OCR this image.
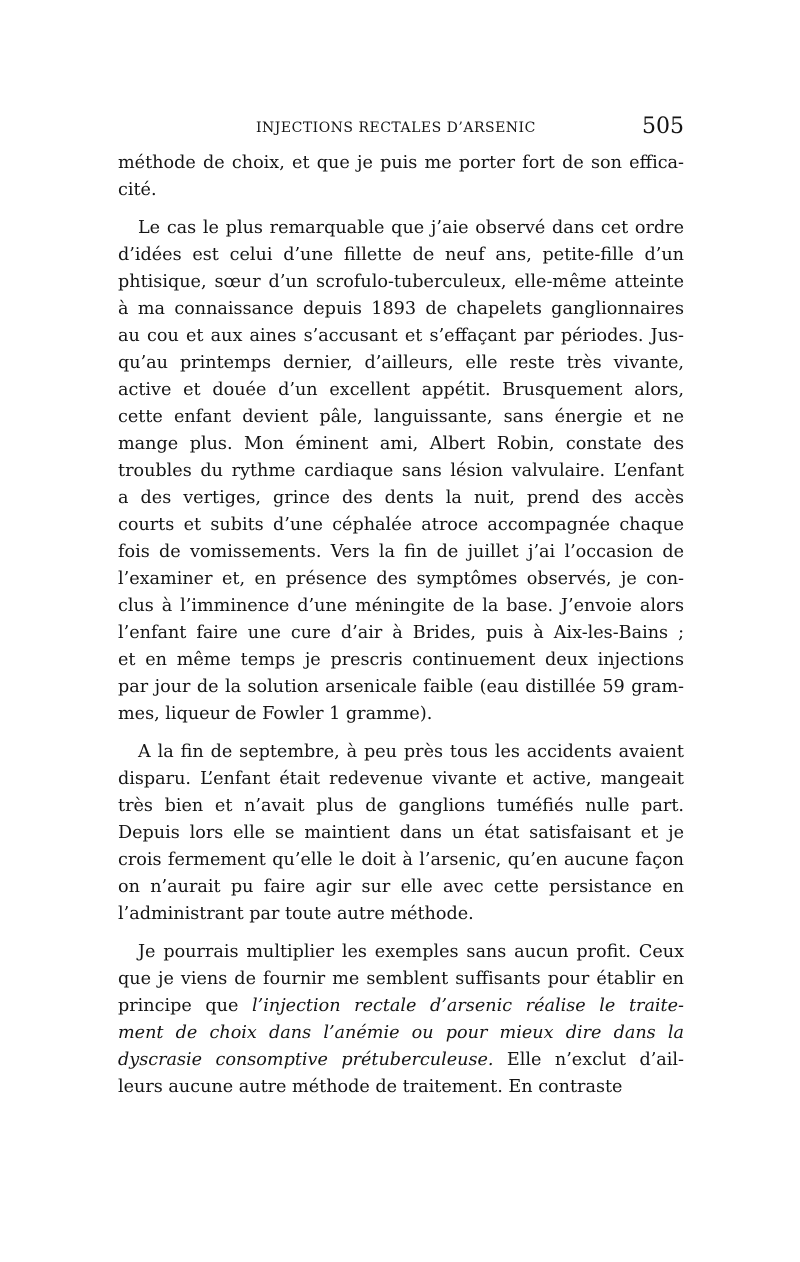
INJECTIONS RECTALES D’ARSENIC	505
méthode de choix, et que je puis me porter fort de son effica-
cité.
Le cas le plus remarquable que j’aie observé dans cet ordre
d’idées est celui d’une fillette de neuf ans, petite-fille d’un
phtisique, sœur d’un scrofulo-tuberculeux, elle-même atteinte
à ma connaissance depuis 1893 de chapelets ganglionnaires
au cou et aux aines s’accusant et s’effaçant par périodes. Jus-
qu’au printemps dernier, d’ailleurs, elle reste très vivante,
active et douée d’un excellent appétit. Brusquement alors,
cette enfant devient pâle, languissante, sans énergie et ne
mange plus. Mon éminent ami, Albert Robin, constate des
troubles du rythme cardiaque sans lésion valvulaire. L’enfant
a des vertiges, grince des dents la nuit, prend des accès
courts et subits d’une céphalée atroce accompagnée chaque
fois de vomissements. Vers la fin de juillet j’ai l’occasion de
l’examiner et, en présence des symptômes observés, je con-
clus à l’imminence d’une méningite de la base. J’envoie alors
l’enfant faire une cure d’air à Brides, puis à Aix-les-Bains ;
et en même temps je prescris continuement deux injections
par jour de la solution arsenicale faible (eau distillée 59 gram-
mes, liqueur de Fowler 1 gramme).
A la fin de septembre, à peu près tous les accidents avaient
disparu. L’enfant était redevenue vivante et active, mangeait
très bien et n’avait plus de ganglions tuméfiés nulle part.
Depuis lors elle se maintient dans un état satisfaisant et je
crois fermement qu’elle le doit à l’arsenic, qu’en aucune façon
on n’aurait pu faire agir sur elle avec cette persistance en
l’administrant par toute autre méthode.
Je pourrais multiplier les exemples sans aucun profit. Ceux
que je viens de fournir me semblent suffisants pour établir en
principe que l’injection rectale d’arsenic réalise le traite-
ment de choix dans l’anémie ou pour mieux dire dans la
dyscrasie consomptive prétuberculeuse. Elle n’exclut d’ail-
leurs aucune autre méthode de traitement. En contraste
